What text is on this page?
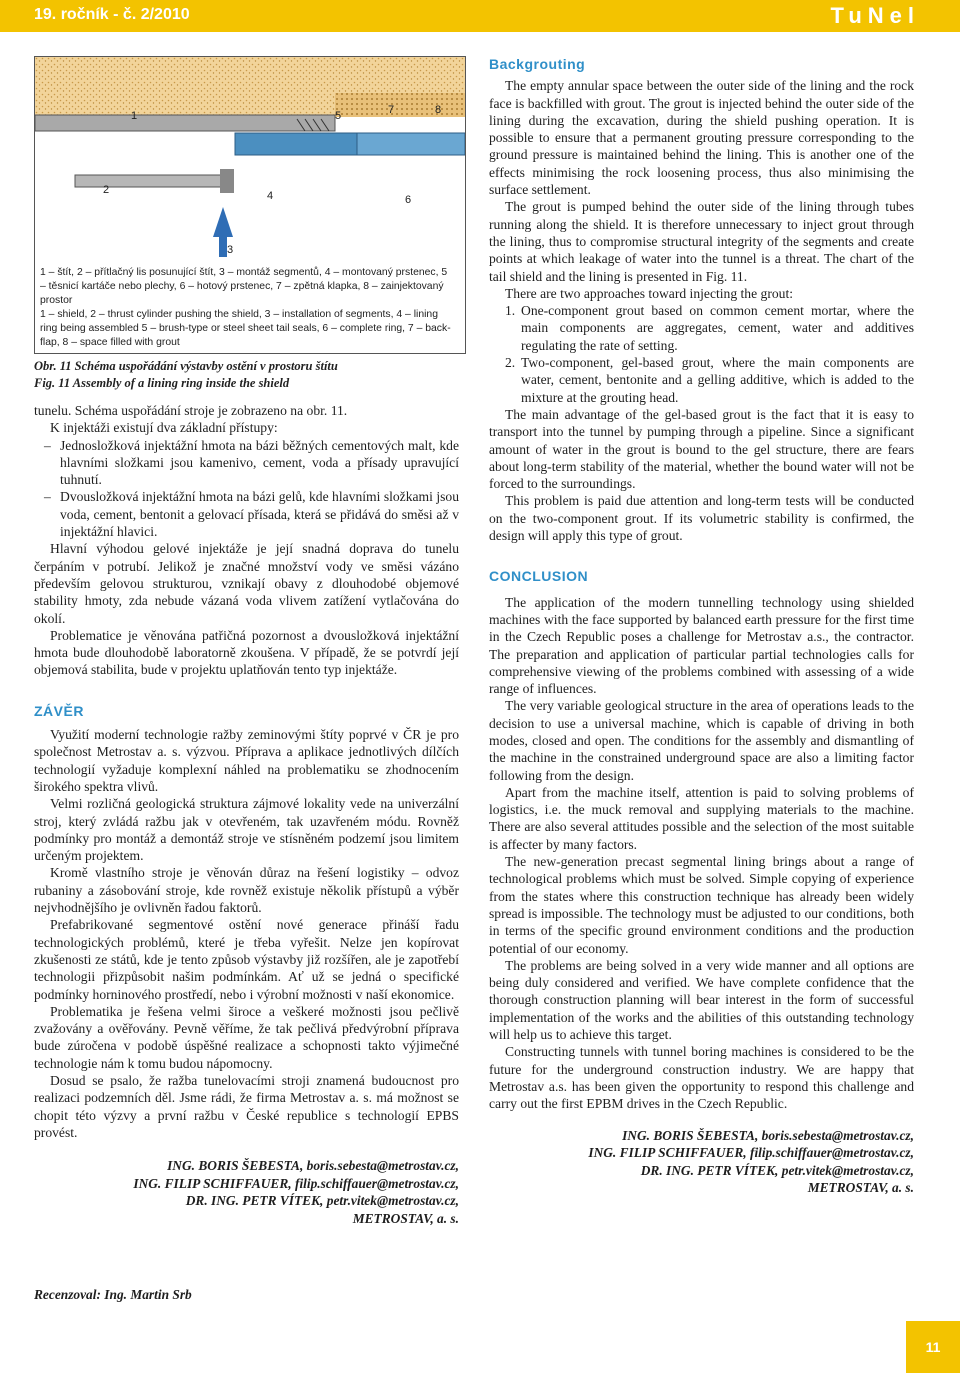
19. ročník - č. 2/2010	TuNel
1
2
3
4
5
6
7	8

1 – štít, 2 – přítlačný lis posunující štít, 3 – montáž segmentů, 4 – montovaný prstenec, 5 – těsnicí kartáče nebo plechy, 6 – hotový prstenec, 7 – zpětná klapka, 8 – zainjektovaný prostor

1 – shield, 2 – thrust cylinder pushing the shield, 3 – installation of segments, 4 – lining ring being assembled 5 – brush-type or steel sheet tail seals, 6 – complete ring, 7 – back-flap, 8 – space filled with grout

Obr. 11 Schéma uspořádání výstavby ostění v prostoru štítu

Fig. 11 Assembly of a lining ring inside the shield

tunelu. Schéma uspořádání stroje je zobrazeno na obr. 11.

K injektáži existují dva základní přístupy:

– Jednosložková injektážní hmota na bázi běžných cementových malt, kde hlavními složkami jsou kamenivo, cement, voda a přísady upravující tuhnutí.

– Dvousložková injektážní hmota na bázi gelů, kde hlavními složkami jsou voda, cement, bentonit a gelovací přísada, která se přidává do směsi až v injektážní hlavici.

Hlavní výhodou gelové injektáže je její snadná doprava do tunelu čerpáním v potrubí. Jelikož je značné množství vody ve směsi vázáno především gelovou strukturou, vznikají obavy z dlouhodobé objemové stability hmoty, zda nebude vázaná voda vlivem zatížení vytlačována do okolí.

Problematice je věnována patřičná pozornost a dvousložková injektážní hmota bude dlouhodobě laboratorně zkoušena. V případě, že se potvrdí její objemová stabilita, bude v projektu uplatňován tento typ injektáže.

ZÁVĚR

Využití moderní technologie ražby zeminovými štíty poprvé v ČR je pro společnost Metrostav a. s. výzvou. Příprava a aplikace jednotlivých dílčích technologií vyžaduje komplexní náhled na problematiku se zhodnocením širokého spektra vlivů.

Velmi rozličná geologická struktura zájmové lokality vede na univerzální stroj, který zvládá ražbu jak v otevřeném, tak uzavřeném módu. Rovněž podmínky pro montáž a demontáž stroje ve stísněném podzemí jsou limitem určeným projektem.

Kromě vlastního stroje je věnován důraz na řešení logistiky – odvoz rubaniny a zásobování stroje, kde rovněž existuje několik přístupů a výběr nejvhodnějšího je ovlivněn řadou faktorů.

Prefabrikované segmentové ostění nové generace přináší řadu technologických problémů, které je třeba vyřešit. Nelze jen kopírovat zkušenosti ze států, kde je tento způsob výstavby již rozšířen, ale je zapotřebí technologii přizpůsobit našim podmínkám. Ať už se jedná o specifické podmínky horninového prostředí, nebo i výrobní možnosti v naší ekonomice.

Problematika je řešena velmi široce a veškeré možnosti jsou pečlivě zvažovány a ověřovány. Pevně věříme, že tak pečlivá předvýrobní příprava bude zúročena v podobě úspěšné realizace a schopnosti takto výjimečné technologie nám k tomu budou nápomocny.

Dosud se psalo, že ražba tunelovacími stroji znamená budoucnost pro realizaci podzemních děl. Jsme rádi, že firma Metrostav a. s. má možnost se chopit této výzvy a první ražbu v České republice s technologií EPBS provést.

ING. BORIS ŠEBESTA, boris.sebesta@metrostav.cz,
ING. FILIP SCHIFFAUER, filip.schiffauer@metrostav.cz,
DR. ING. PETR VÍTEK, petr.vitek@metrostav.cz,
METROSTAV, a. s.
Recenzoval: Ing. Martin Srb
Backgrouting

The empty annular space between the outer side of the lining and the rock face is backfilled with grout. The grout is injected behind the outer side of the lining during the excavation, during the shield pushing operation. It is possible to ensure that a permanent grouting pressure corresponding to the ground pressure is maintained behind the lining. This is another one of the effects minimising the rock loosening process, thus also minimising the surface settlement.

The grout is pumped behind the outer side of the lining through tubes running along the shield. It is therefore unnecessary to inject grout through the lining, thus to compromise structural integrity of the segments and create points at which leakage of water into the tunnel is a threat. The chart of the tail shield and the lining is presented in Fig. 11.

There are two approaches toward injecting the grout:

1. One-component grout based on common cement mortar, where the main components are aggregates, cement, water and additives regulating the rate of setting.

2. Two-component, gel-based grout, where the main components are water, cement, bentonite and a gelling additive, which is added to the mixture at the grouting head.

The main advantage of the gel-based grout is the fact that it is easy to transport into the tunnel by pumping through a pipeline. Since a significant amount of water in the grout is bound to the gel structure, there are fears about long-term stability of the material, whether the bound water will not be forced to the surroundings.

This problem is paid due attention and long-term tests will be conducted on the two-component grout. If its volumetric stability is confirmed, the design will apply this type of grout.

CONCLUSION

The application of the modern tunnelling technology using shielded machines with the face supported by balanced earth pressure for the first time in the Czech Republic poses a challenge for Metrostav a.s., the contractor. The preparation and application of particular partial technologies calls for comprehensive viewing of the problems combined with assessing of a wide range of influences.

The very variable geological structure in the area of operations leads to the decision to use a universal machine, which is capable of driving in both modes, closed and open. The conditions for the assembly and dismantling of the machine in the constrained underground space are also a limiting factor following from the design.

Apart from the machine itself, attention is paid to solving problems of logistics, i.e. the muck removal and supplying materials to the machine. There are also several attitudes possible and the selection of the most suitable is affecter by many factors.

The new-generation precast segmental lining brings about a range of technological problems which must be solved. Simple copying of experience from the states where this construction technique has already been widely spread is impossible. The technology must be adjusted to our conditions, both in terms of the specific ground environment conditions and the production potential of our economy.

The problems are being solved in a very wide manner and all options are being duly considered and verified. We have complete confidence that the thorough construction planning will bear interest in the form of successful implementation of the works and the abilities of this outstanding technology will help us to achieve this target.

Constructing tunnels with tunnel boring machines is considered to be the future for the underground construction industry. We are happy that Metrostav a.s. has been given the opportunity to respond this challenge and carry out the first EPBM drives in the Czech Republic.

ING. BORIS ŠEBESTA, boris.sebesta@metrostav.cz,
ING. FILIP SCHIFFAUER, filip.schiffauer@metrostav.cz,
DR. ING. PETR VÍTEK, petr.vitek@metrostav.cz,
METROSTAV, a. s.
11
